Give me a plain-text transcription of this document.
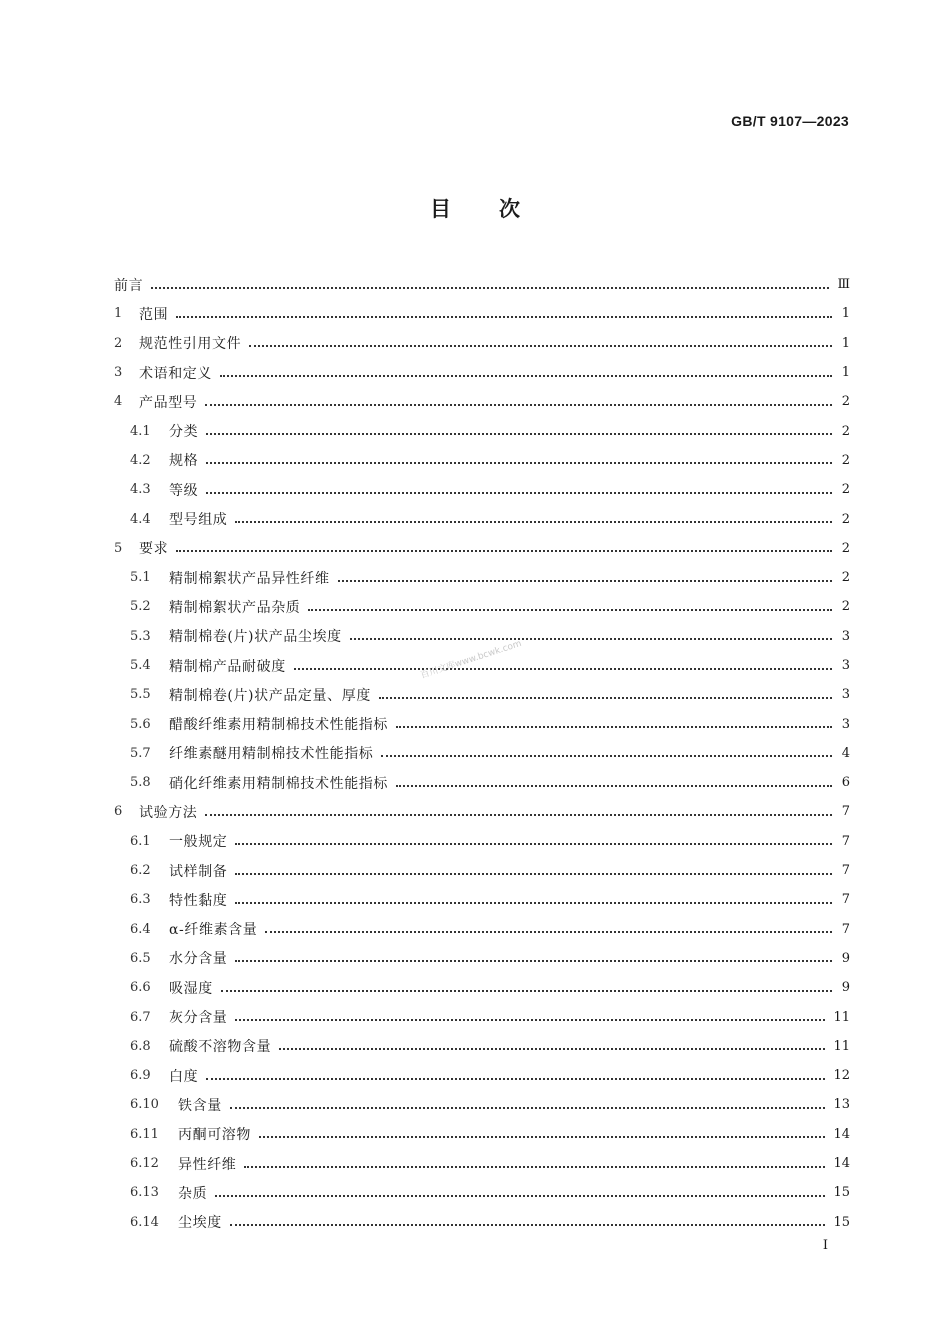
GB/T 9107—2023
目次
前言	Ⅲ
1	范围	1
2	规范性引用文件	1
3	术语和定义	1
4	产品型号	2
4.1	分类	2
4.2	规格	2
4.3	等级	2
4.4	型号组成	2
5	要求	2
5.1	精制棉絮状产品异性纤维	2
5.2	精制棉絮状产品杂质	2
5.3	精制棉卷(片)状产品尘埃度	3
5.4	精制棉产品耐破度	3
5.5	精制棉卷(片)状产品定量、厚度	3
5.6	醋酸纤维素用精制棉技术性能指标	3
5.7	纤维素醚用精制棉技术性能指标	4
5.8	硝化纤维素用精制棉技术性能指标	6
6	试验方法	7
6.1	一般规定	7
6.2	试样制备	7
6.3	特性黏度	7
6.4	α-纤维素含量	7
6.5	水分含量	9
6.6	吸湿度	9
6.7	灰分含量	11
6.8	硫酸不溶物含量	11
6.9	白度	12
6.10	铁含量	13
6.11	丙酮可溶物	14
6.12	异性纤维	14
6.13	杂质	15
6.14	尘埃度	15
百川文库www.bcwk.com
I
